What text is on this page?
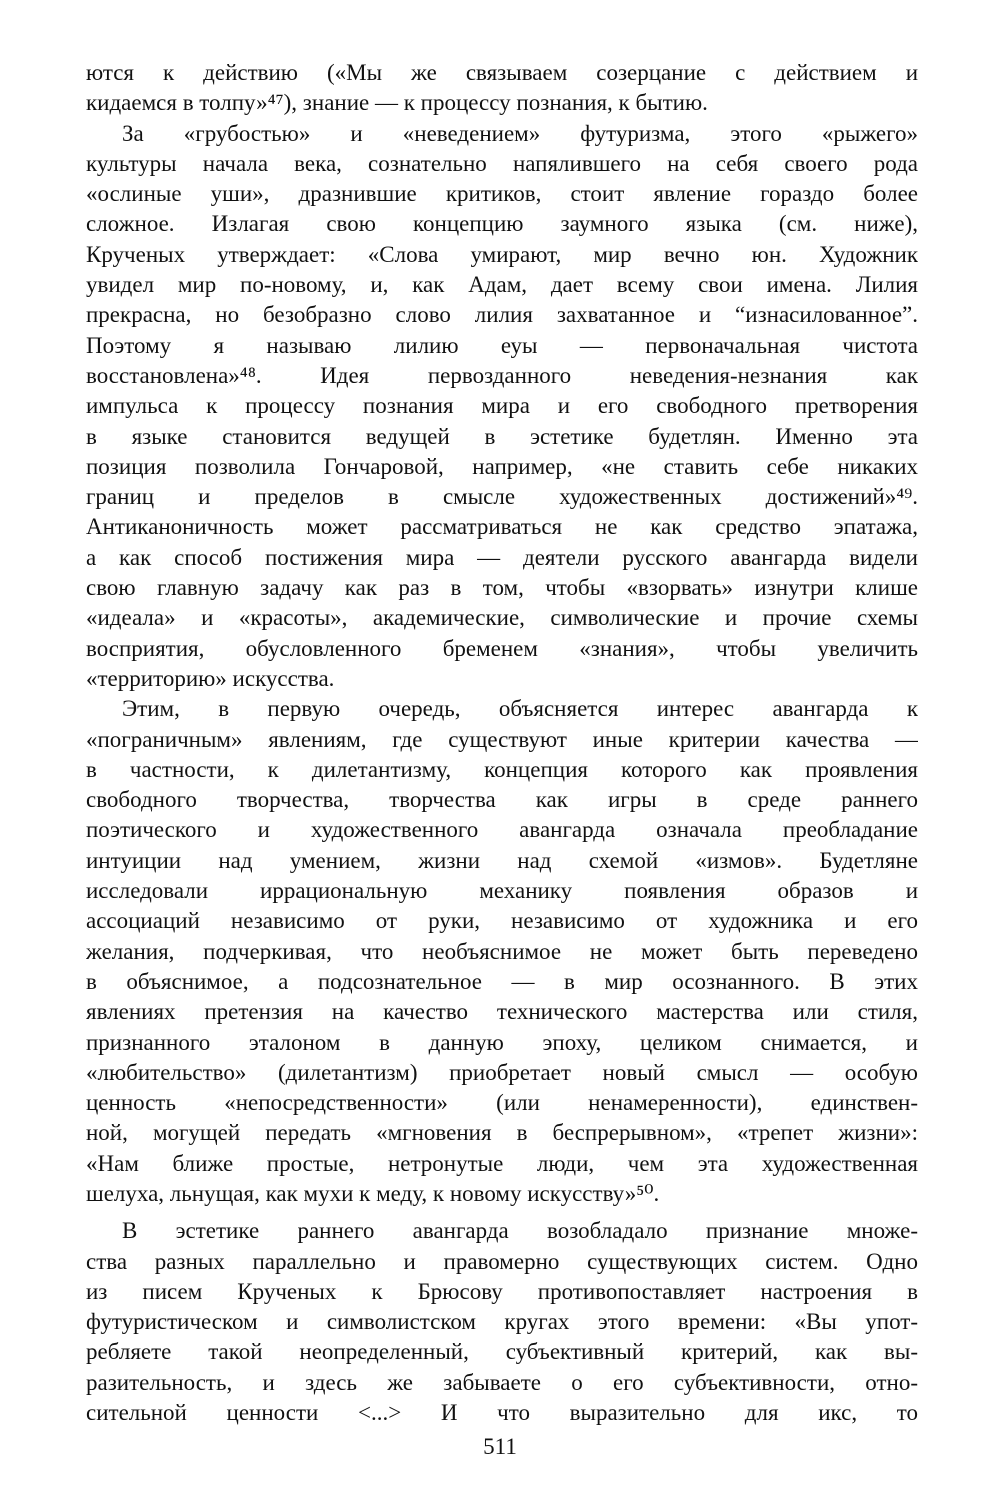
ются к действию («Мы же связываем созерцание с действием и
кидаемся в толпу»⁴⁷), знание — к процессу познания, к бытию.
За «грубостью» и «неведением» футуризма, этого «рыжего»
культуры начала века, сознательно напялившего на себя своего рода
«ослиные уши», дразнившие критиков, стоит явление гораздо более
сложное. Излагая свою концепцию заумного языка (см. ниже),
Крученых утверждает: «Слова умирают, мир вечно юн. Художник
увидел мир по-новому, и, как Адам, дает всему свои имена. Лилия
прекрасна, но безобразно слово лилия захватанное и “изнасилованное”.
Поэтому я называю лилию еуы — первоначальная чистота
восстановлена»⁴⁸. Идея первозданного неведения-незнания как
импульса к процессу познания мира и его свободного претворения
в языке становится ведущей в эстетике будетлян. Именно эта
позиция позволила Гончаровой, например, «не ставить себе никаких
границ и пределов в смысле художественных достижений»⁴⁹.
Антиканоничность может рассматриваться не как средство эпатажа,
а как способ постижения мира — деятели русского авангарда видели
свою главную задачу как раз в том, чтобы «взорвать» изнутри клише
«идеала» и «красоты», академические, символические и прочие схемы
восприятия, обусловленного бременем «знания», чтобы увеличить
«территорию» искусства.
Этим, в первую очередь, объясняется интерес авангарда к
«пограничным» явлениям, где существуют иные критерии качества —
в частности, к дилетантизму, концепция которого как проявления
свободного творчества, творчества как игры в среде раннего
поэтического и художественного авангарда означала преобладание
интуиции над умением, жизни над схемой «измов». Будетляне
исследовали иррациональную механику появления образов и
ассоциаций независимо от руки, независимо от художника и его
желания, подчеркивая, что необъяснимое не может быть переведено
в объяснимое, а подсознательное — в мир осознанного. В этих
явлениях претензия на качество технического мастерства или стиля,
признанного эталоном в данную эпоху, целиком снимается, и
«любительство» (дилетантизм) приобретает новый смысл — особую
ценность «непосредственности» (или ненамеренности), единствен-
ной, могущей передать «мгновения в беспрерывном», «трепет жизни»:
«Нам ближе простые, нетронутые люди, чем эта художественная
шелуха, льнущая, как мухи к меду, к новому искусству»⁵⁰.
В эстетике раннего авангарда возобладало признание множе-
ства разных параллельно и правомерно существующих систем. Одно
из писем Крученых к Брюсову противопоставляет настроения в
футуристическом и символистском кругах этого времени: «Вы упот-
ребляете такой неопределенный, субъективный критерий, как вы-
разительность, и здесь же забываете о его субъективности, отно-
сительной ценности <...> И что выразительно для икс, то
511
